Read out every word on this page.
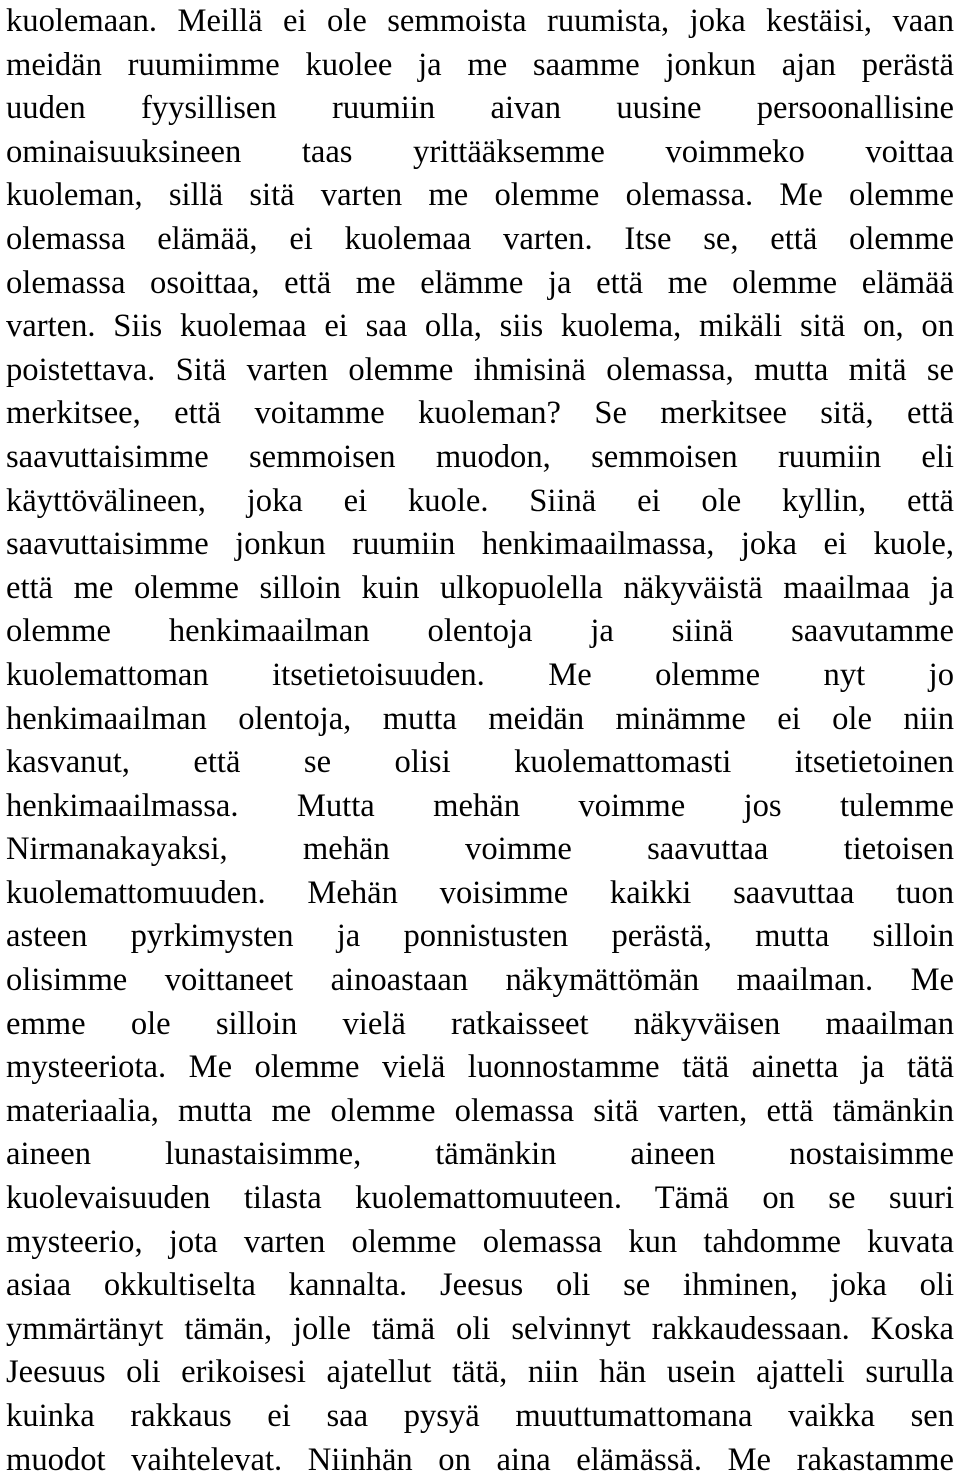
kuolemaan. Meillä ei ole semmoista ruumista, joka kestäisi, vaan
meidän ruumiimme kuolee ja me saamme jonkun ajan perästä
uuden fyysillisen ruumiin aivan uusine persoonallisine
ominaisuuksineen taas yrittääksemme voimmeko voittaa
kuoleman, sillä sitä varten me olemme olemassa. Me olemme
olemassa elämää, ei kuolemaa varten. Itse se, että olemme
olemassa osoittaa, että me elämme ja että me olemme elämää
varten. Siis kuolemaa ei saa olla, siis kuolema, mikäli sitä on, on
poistettava. Sitä varten olemme ihmisinä olemassa, mutta mitä se
merkitsee, että voitamme kuoleman? Se merkitsee sitä, että
saavuttaisimme semmoisen muodon, semmoisen ruumiin eli
käyttövälineen, joka ei kuole. Siinä ei ole kyllin, että
saavuttaisimme jonkun ruumiin henkimaailmassa, joka ei kuole,
että me olemme silloin kuin ulkopuolella näkyväistä maailmaa ja
olemme henkimaailman olentoja ja siinä saavutamme
kuolemattoman itsetietoisuuden. Me olemme nyt jo
henkimaailman olentoja, mutta meidän minämme ei ole niin
kasvanut, että se olisi kuolemattomasti itsetietoinen
henkimaailmassa. Mutta mehän voimme jos tulemme
Nirmanakayaksi, mehän voimme saavuttaa tietoisen
kuolemattomuuden. Mehän voisimme kaikki saavuttaa tuon
asteen pyrkimysten ja ponnistusten perästä, mutta silloin
olisimme voittaneet ainoastaan näkymättömän maailman. Me
emme ole silloin vielä ratkaisseet näkyväisen maailman
mysteeriota. Me olemme vielä luonnostamme tätä ainetta ja tätä
materiaalia, mutta me olemme olemassa sitä varten, että tämänkin
aineen lunastaisimme, tämänkin aineen nostaisimme
kuolevaisuuden tilasta kuolemattomuuteen. Tämä on se suuri
mysteerio, jota varten olemme olemassa kun tahdomme kuvata
asiaa okkultiselta kannalta. Jeesus oli se ihminen, joka oli
ymmärtänyt tämän, jolle tämä oli selvinnyt rakkaudessaan. Koska
Jeesuus oli erikoisesi ajatellut tätä, niin hän usein ajatteli surulla
kuinka rakkaus ei saa pysyä muuttumattomana vaikka sen
muodot vaihtelevat. Niinhän on aina elämässä. Me rakastamme
